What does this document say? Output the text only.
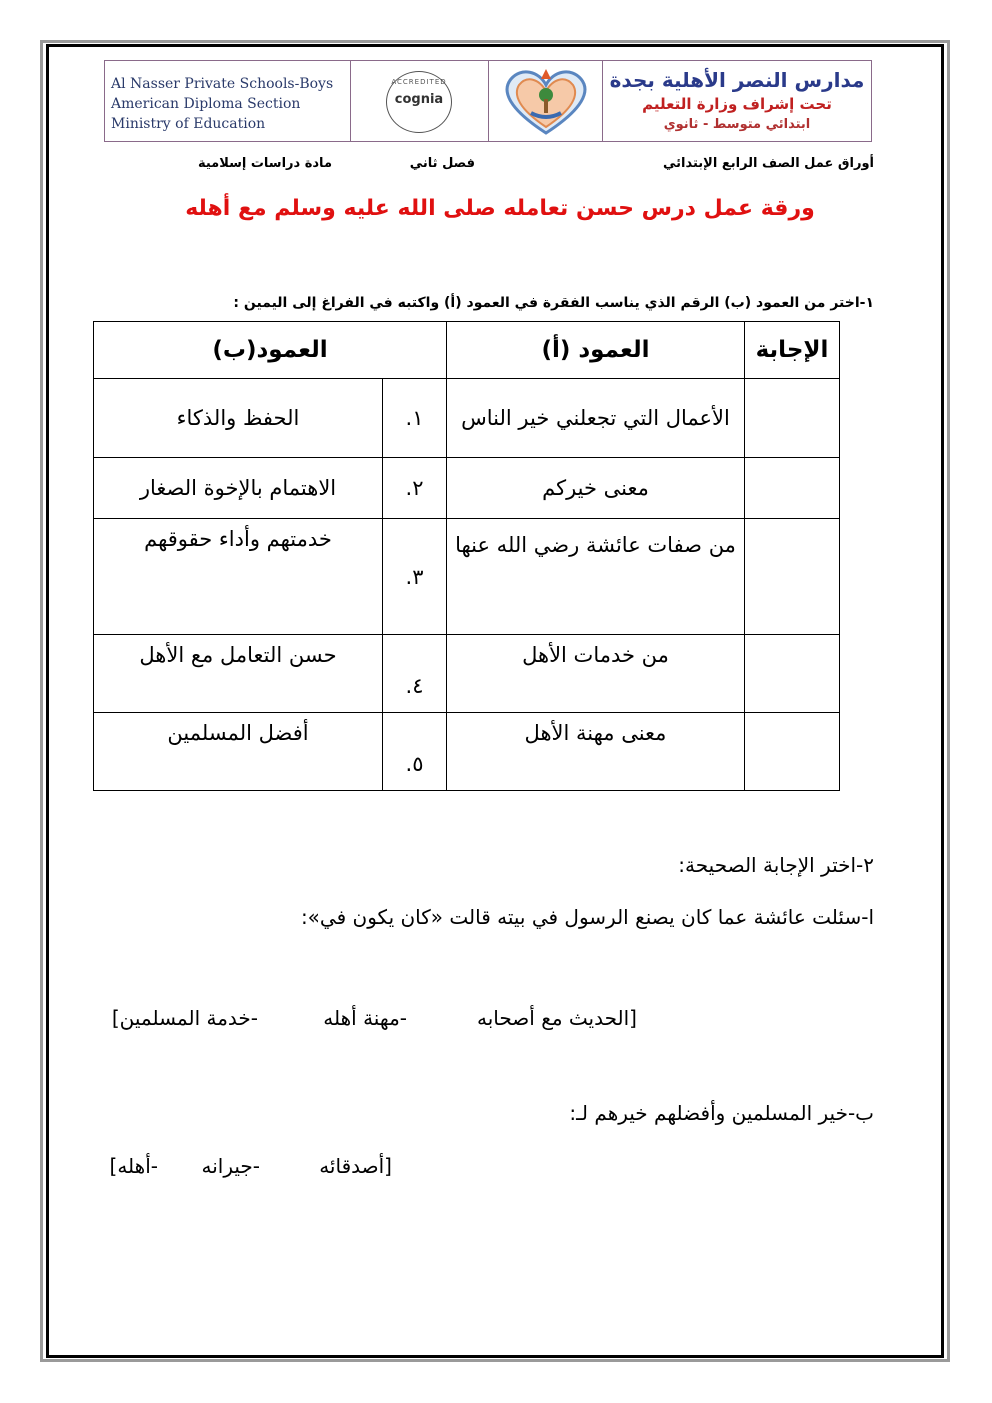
Al Nasser Private Schools-Boys
American Diploma Section
Ministry of Education
ACCREDITED
cognia
مدارس النصر الأهلية بجدة
تحت إشراف وزارة التعليم
ابتدائي متوسط - ثانوي
أوراق عمل الصف الرابع الإبتدائي
فصل ثاني
مادة دراسات إسلامية
ورقة عمل درس حسن تعامله صلى الله عليه وسلم مع أهله
١-اختر من العمود (ب) الرقم الذي يناسب الفقرة في العمود (أ) واكتبه في الفراغ إلى اليمين :
الإجابة	العمود (أ)	العمود(ب)	
	الأعمال التي تجعلني خير الناس	١.	الحفظ والذكاء
	معنى خيركم	٢.	الاهتمام بالإخوة الصغار
	من صفات عائشة رضي الله عنها	٣.	خدمتهم وأداء حقوقهم
	من خدمات الأهل	٤.	حسن التعامل مع الأهل
	معنى مهنة الأهل	٥.	أفضل المسلمين
٢-اختر الإجابة الصحيحة:
ا-سئلت عائشة عما كان يصنع الرسول في بيته قالت «كان يكون في»:
[الحديث مع أصحابه
-مهنة أهله
-خدمة المسلمين]
ب-خير المسلمين وأفضلهم خيرهم لـ:
[أصدقائه
-جيرانه
-أهله]
